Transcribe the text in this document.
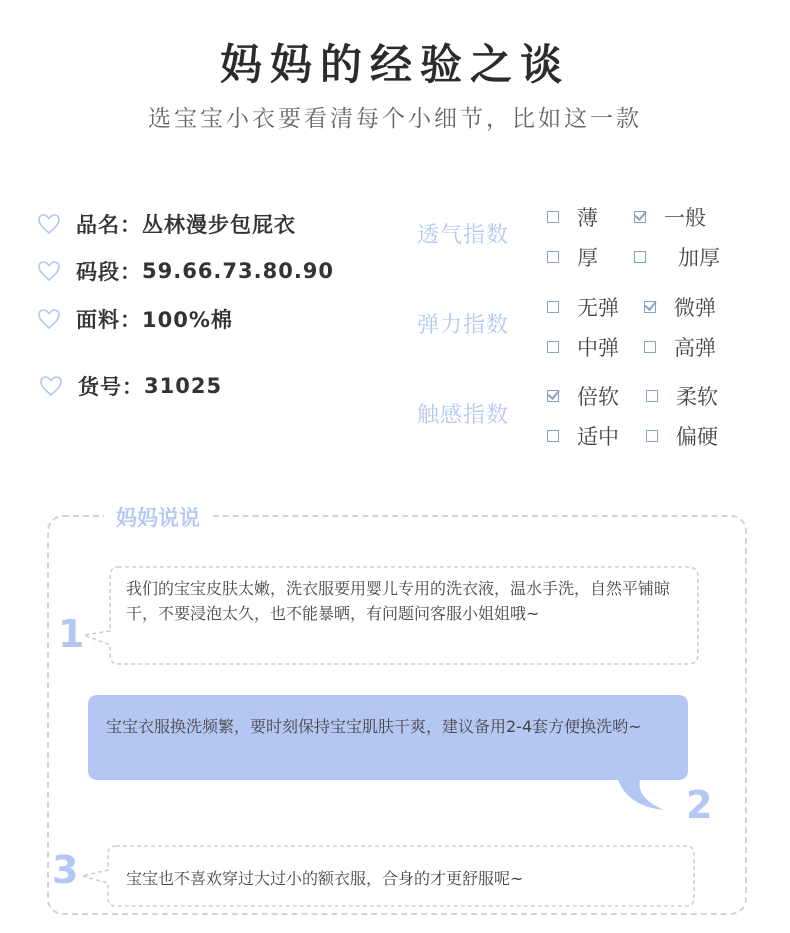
妈妈的经验之谈
选宝宝小衣要看清每个小细节，比如这一款
品名： 丛林漫步包屁衣
码段： 59.66.73.80.90
面料： 100%棉
货号： 31025
透气指数
薄	一般
厚	加厚
弹力指数
无弹	微弹
中弹	高弹
触感指数
倍软	柔软
适中	偏硬
妈妈说说
我们的宝宝皮肤太嫩，洗衣服要用婴儿专用的洗衣液，温水手洗，自然平铺晾干，不要浸泡太久，也不能暴晒，有问题问客服小姐姐哦~
1
宝宝衣服换洗频繁，要时刻保持宝宝肌肤干爽，建议备用2-4套方便换洗哟~
2
宝宝也不喜欢穿过大过小的额衣服，合身的才更舒服呢~
3
